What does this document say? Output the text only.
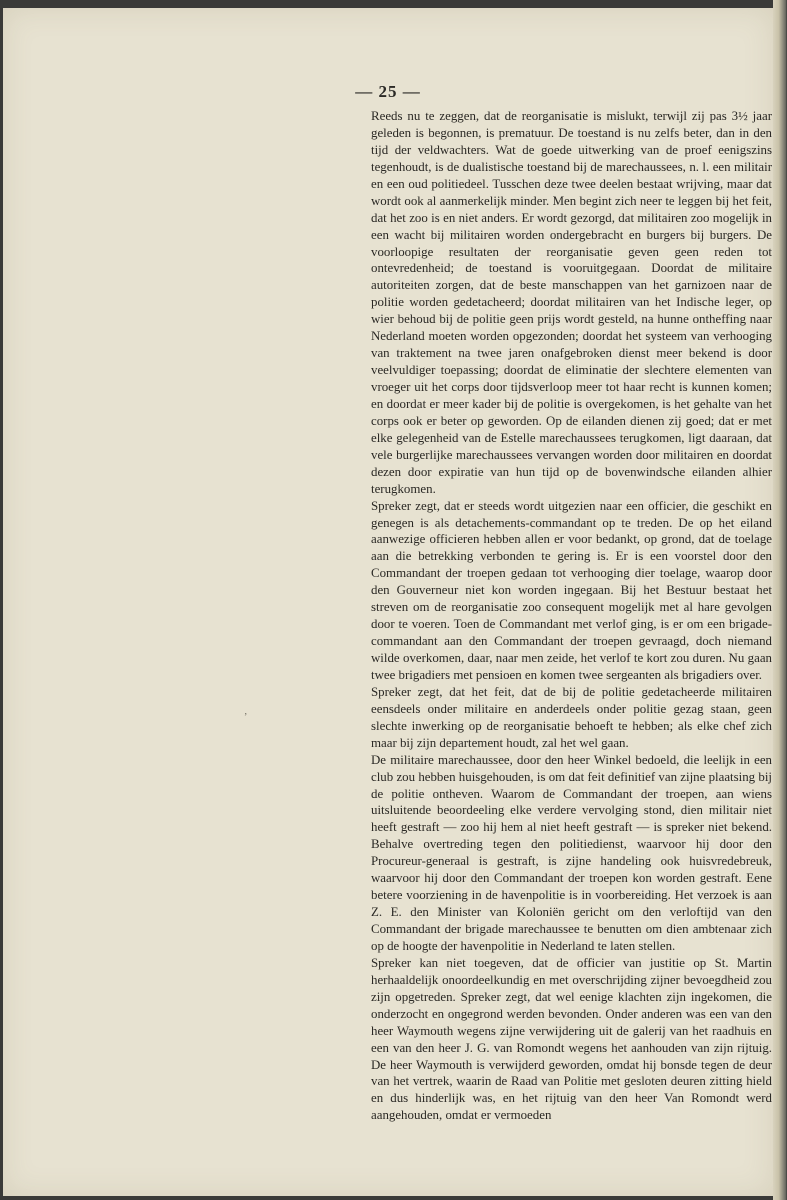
— 25 —
ʼ

Reeds nu te zeggen, dat de reorganisatie is mislukt, terwijl zij pas 3½ jaar geleden is begonnen, is prematuur. De toestand is nu zelfs beter, dan in den tijd der veldwachters. Wat de goede uitwerking van de proef eenigszins tegenhoudt, is de dualistische toestand bij de marechaussees, n. l. een militair en een oud politiedeel. Tusschen deze twee deelen bestaat wrijving, maar dat wordt ook al aanmerkelijk minder. Men begint zich neer te leggen bij het feit, dat het zoo is en niet anders. Er wordt gezorgd, dat militairen zoo mogelijk in een wacht bij militairen worden ondergebracht en burgers bij burgers. De voorloopige resultaten der reorganisatie geven geen reden tot ontevredenheid; de toestand is vooruitgegaan. Doordat de militaire autoriteiten zorgen, dat de beste manschappen van het garnizoen naar de politie worden gedetacheerd; doordat militairen van het Indische leger, op wier behoud bij de politie geen prijs wordt gesteld, na hunne ontheffing naar Nederland moeten worden opgezonden; doordat het systeem van verhooging van traktement na twee jaren onafgebroken dienst meer bekend is door veelvuldiger toepassing; doordat de eliminatie der slechtere elementen van vroeger uit het corps door tijdsverloop meer tot haar recht is kunnen komen; en doordat er meer kader bij de politie is overgekomen, is het gehalte van het corps ook er beter op geworden. Op de eilanden dienen zij goed; dat er met elke gelegenheid van de Estelle marechaussees terugkomen, ligt daaraan, dat vele burgerlijke marechaussees vervangen worden door militairen en doordat dezen door expiratie van hun tijd op de bovenwindsche eilanden alhier terugkomen.

Spreker zegt, dat er steeds wordt uitgezien naar een officier, die geschikt en genegen is als detachements-commandant op te treden. De op het eiland aanwezige officieren hebben allen er voor bedankt, op grond, dat de toelage aan die betrekking verbonden te gering is. Er is een voorstel door den Commandant der troepen gedaan tot verhooging dier toelage, waarop door den Gouverneur niet kon worden ingegaan. Bij het Bestuur bestaat het streven om de reorganisatie zoo consequent mogelijk met al hare gevolgen door te voeren. Toen de Commandant met verlof ging, is er om een brigade-commandant aan den Commandant der troepen gevraagd, doch niemand wilde overkomen, daar, naar men zeide, het verlof te kort zou duren. Nu gaan twee brigadiers met pensioen en komen twee sergeanten als brigadiers over.

Spreker zegt, dat het feit, dat de bij de politie gedetacheerde militairen eensdeels onder militaire en anderdeels onder politie gezag staan, geen slechte inwerking op de reorganisatie behoeft te hebben; als elke chef zich maar bij zijn departement houdt, zal het wel gaan.

De militaire marechaussee, door den heer Winkel bedoeld, die leelijk in een club zou hebben huisgehouden, is om dat feit definitief van zijne plaatsing bij de politie ontheven. Waarom de Commandant der troepen, aan wiens uitsluitende beoordeeling elke verdere vervolging stond, dien militair niet heeft gestraft — zoo hij hem al niet heeft gestraft — is spreker niet bekend. Behalve overtreding tegen den politiedienst, waarvoor hij door den Procureur-generaal is gestraft, is zijne handeling ook huisvredebreuk, waarvoor hij door den Commandant der troepen kon worden gestraft. Eene betere voorziening in de havenpolitie is in voorbereiding. Het verzoek is aan Z. E. den Minister van Koloniën gericht om den verloftijd van den Commandant der brigade marechaussee te benutten om dien ambtenaar zich op de hoogte der havenpolitie in Nederland te laten stellen.

Spreker kan niet toegeven, dat de officier van justitie op St. Martin herhaaldelijk onoordeelkundig en met overschrijding zijner bevoegdheid zou zijn opgetreden. Spreker zegt, dat wel eenige klachten zijn ingekomen, die onderzocht en ongegrond werden bevonden. Onder anderen was een van den heer Waymouth wegens zijne verwijdering uit de galerij van het raadhuis en een van den heer J. G. van Romondt wegens het aanhouden van zijn rijtuig. De heer Waymouth is verwijderd geworden, omdat hij bonsde tegen de deur van het vertrek, waarin de Raad van Politie met gesloten deuren zitting hield en dus hinderlijk was, en het rijtuig van den heer Van Romondt werd aangehouden, omdat er vermoeden
